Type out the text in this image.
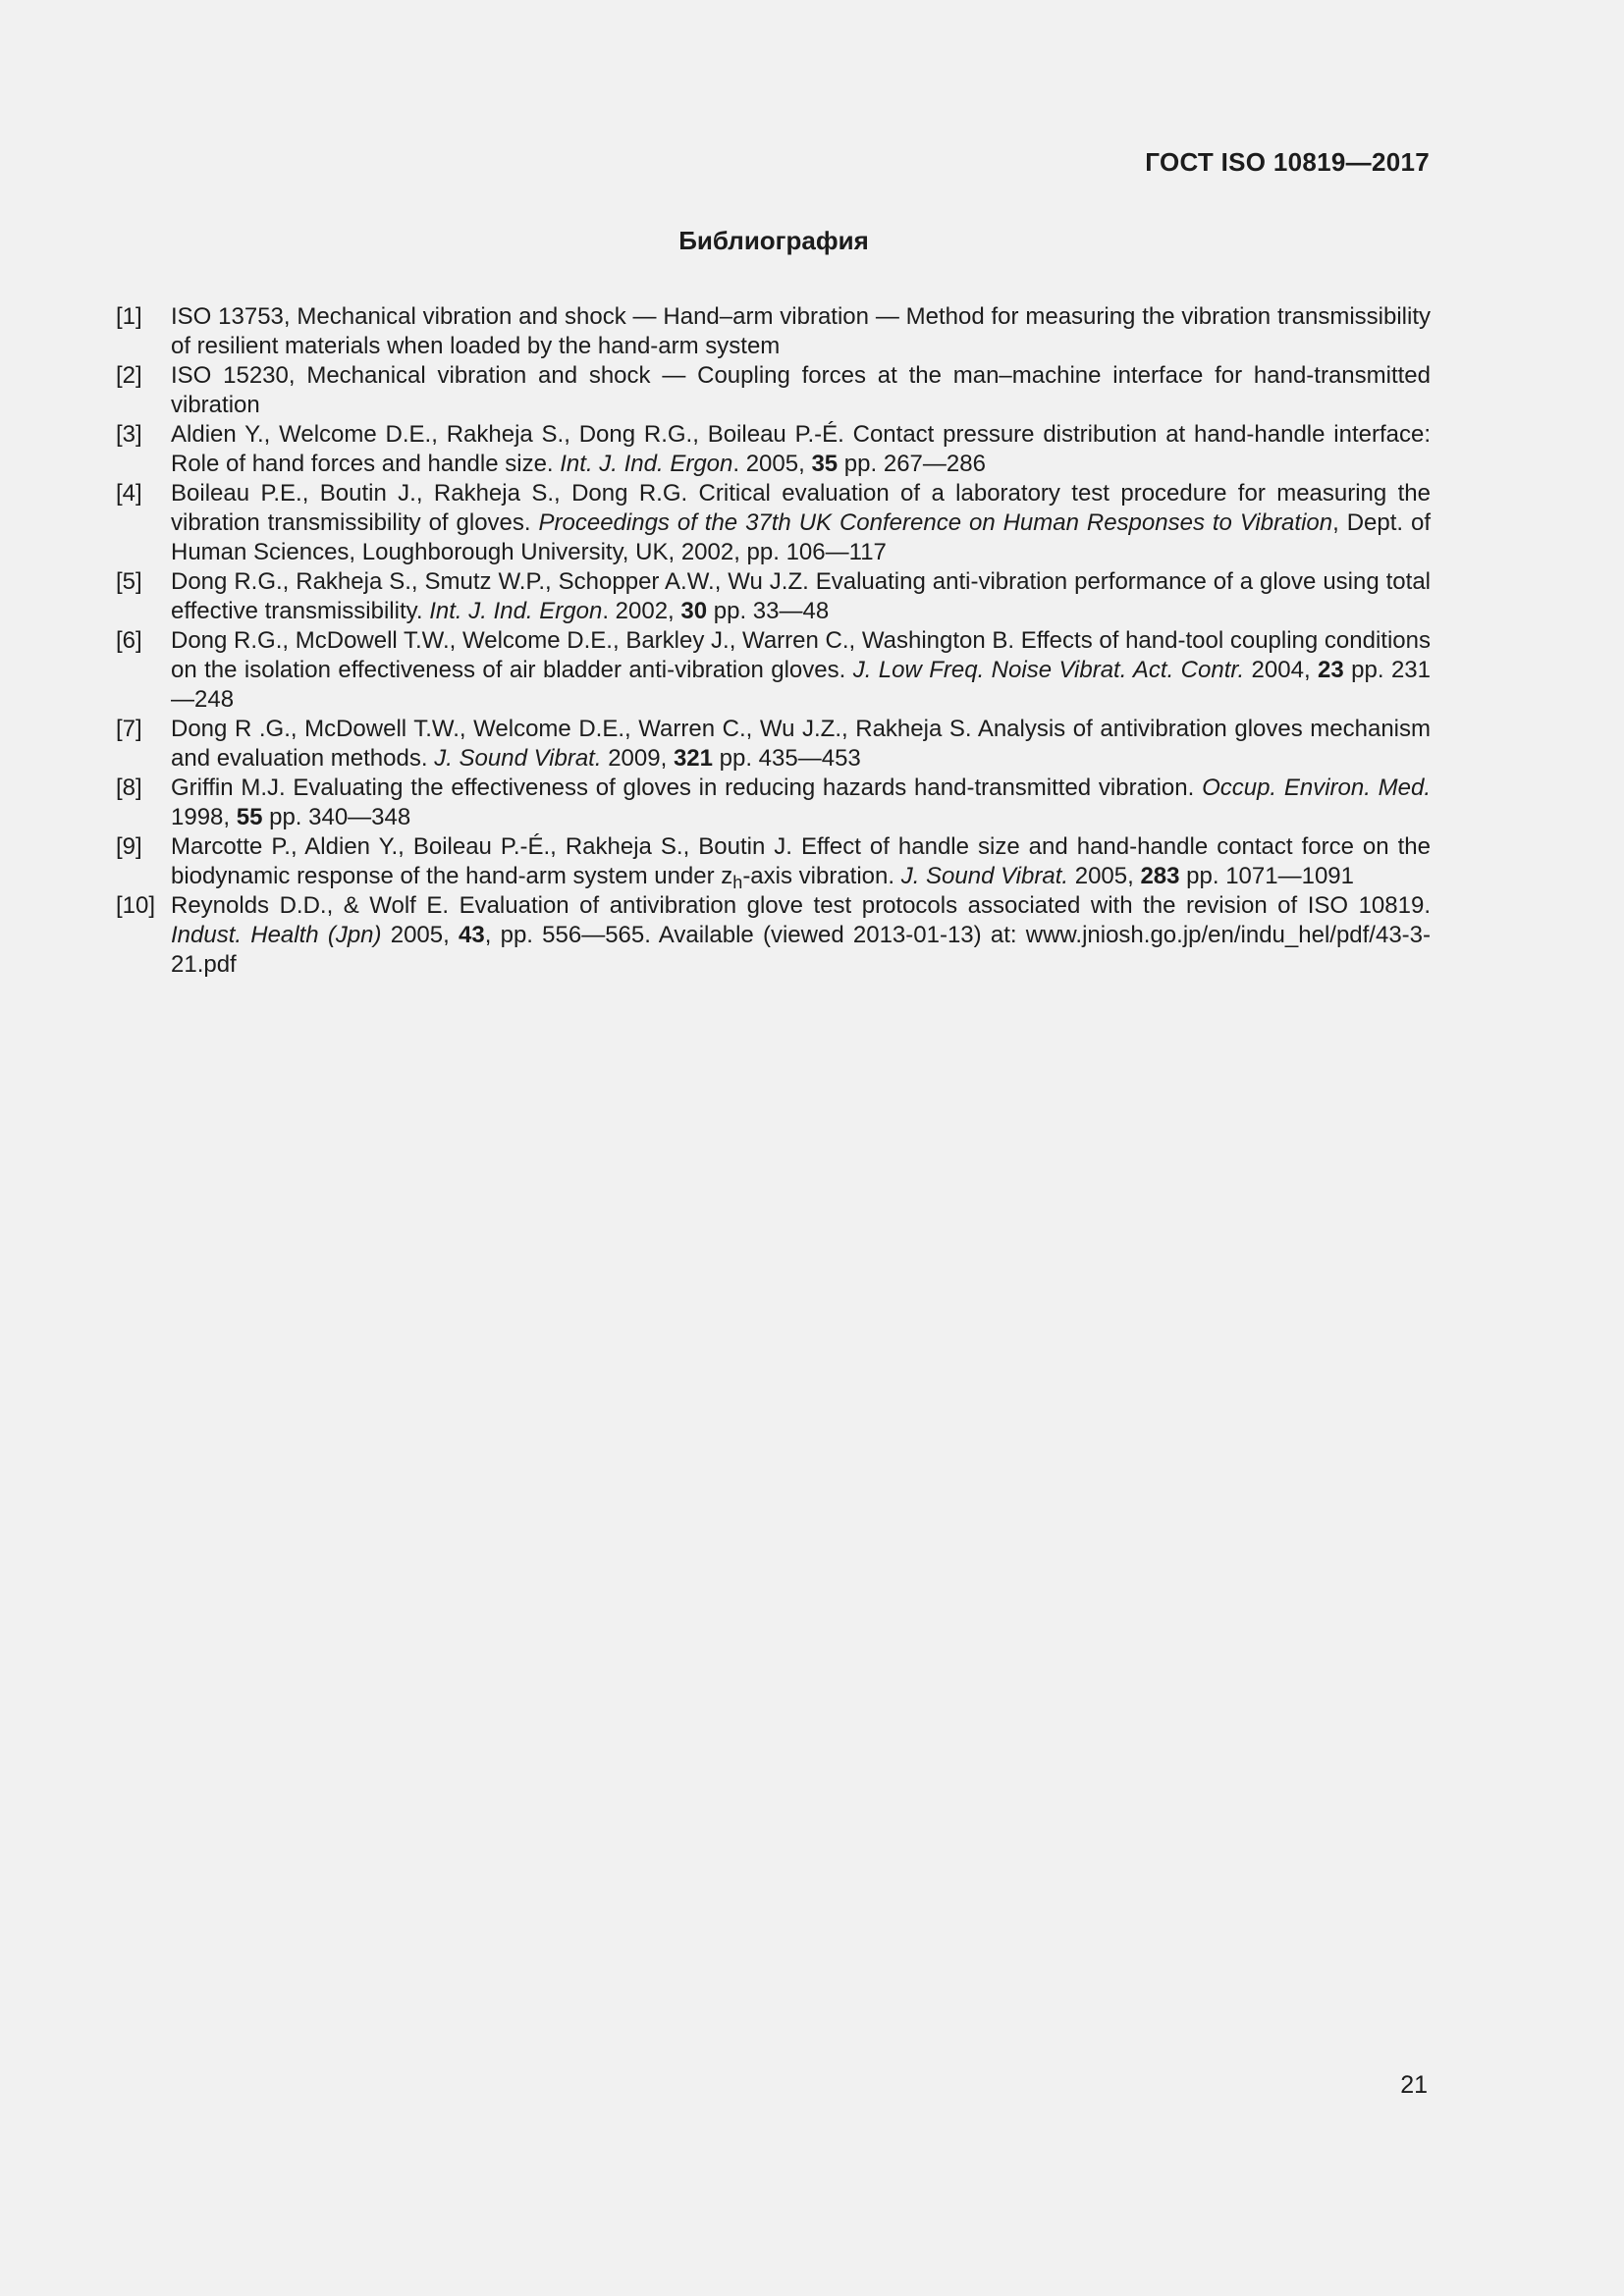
ГОСТ ISO 10819—2017
Библиография
[1]	ISO 13753, Mechanical vibration and shock — Hand–arm vibration — Method for measuring the vibration transmissibility of resilient materials when loaded by the hand-arm system
[2]	ISO 15230, Mechanical vibration and shock — Coupling forces at the man–machine interface for hand-transmitted vibration
[3]	Aldien Y., Welcome D.E., Rakheja S., Dong R.G., Boileau P.-É. Contact pressure distribution at hand-handle interface: Role of hand forces and handle size. Int. J. Ind. Ergon. 2005, 35 pp. 267—286
[4]	Boileau P.E., Boutin J., Rakheja S., Dong R.G. Critical evaluation of a laboratory test procedure for measuring the vibration transmissibility of gloves. Proceedings of the 37th UK Conference on Human Responses to Vibration, Dept. of Human Sciences, Loughborough University, UK, 2002, pp. 106—117
[5]	Dong R.G., Rakheja S., Smutz W.P., Schopper A.W., Wu J.Z. Evaluating anti-vibration performance of a glove using total effective transmissibility. Int. J. Ind. Ergon. 2002, 30 pp. 33—48
[6]	Dong R.G., McDowell T.W., Welcome D.E., Barkley J., Warren C., Washington B. Effects of hand-tool coupling conditions on the isolation effectiveness of air bladder anti-vibration gloves. J. Low Freq. Noise Vibrat. Act. Contr. 2004, 23 pp. 231—248
[7]	Dong R .G., McDowell T.W., Welcome D.E., Warren C., Wu J.Z., Rakheja S. Analysis of antivibration gloves mechanism and evaluation methods. J. Sound Vibrat. 2009, 321 pp. 435—453
[8]	Griffin M.J. Evaluating the effectiveness of gloves in reducing hazards hand-transmitted vibration. Occup. Environ. Med. 1998, 55 pp. 340—348
[9]	Marcotte P., Aldien Y., Boileau P.-É., Rakheja S., Boutin J. Effect of handle size and hand-handle contact force on the biodynamic response of the hand-arm system under $z_h$-axis vibration. J. Sound Vibrat. 2005, 283 pp. 1071—1091
[10] Reynolds D.D., & Wolf E. Evaluation of antivibration glove test protocols associated with the revision of ISO 10819. Indust. Health (Jpn) 2005, 43, pp. 556—565. Available (viewed 2013-01-13) at: www.jniosh.go.jp/en/indu_hel/pdf/43-3-21.pdf
21
